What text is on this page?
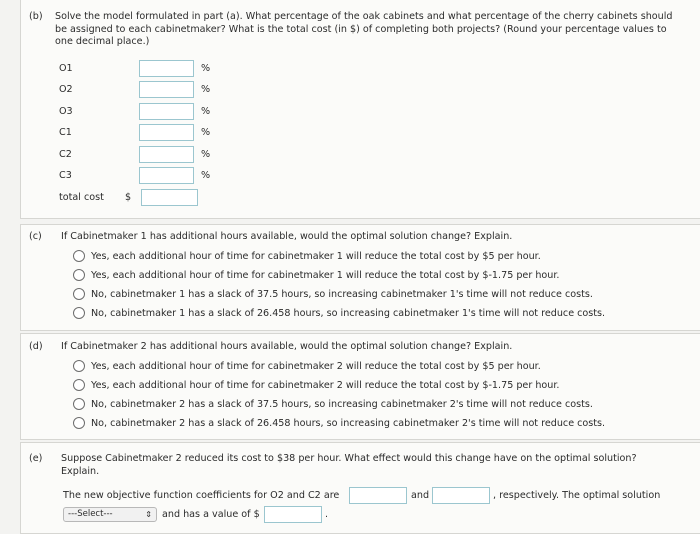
(b)	Solve the model formulated in part (a). What percentage of the oak cabinets and what percentage of the cherry cabinets should be assigned to each cabinetmaker? What is the total cost (in $) of completing both projects? (Round your percentage values to one decimal place.)
O1	%
O2	%
O3	%
C1	%
C2	%
C3	%
total cost $
(c)	If Cabinetmaker 1 has additional hours available, would the optimal solution change? Explain.
Yes, each additional hour of time for cabinetmaker 1 will reduce the total cost by $5 per hour.
Yes, each additional hour of time for cabinetmaker 1 will reduce the total cost by $-1.75 per hour.
No, cabinetmaker 1 has a slack of 37.5 hours, so increasing cabinetmaker 1's time will not reduce costs.
No, cabinetmaker 1 has a slack of 26.458 hours, so increasing cabinetmaker 1's time will not reduce costs.
(d)	If Cabinetmaker 2 has additional hours available, would the optimal solution change? Explain.
Yes, each additional hour of time for cabinetmaker 2 will reduce the total cost by $5 per hour.
Yes, each additional hour of time for cabinetmaker 2 will reduce the total cost by $-1.75 per hour.
No, cabinetmaker 2 has a slack of 37.5 hours, so increasing cabinetmaker 2's time will not reduce costs.
No, cabinetmaker 2 has a slack of 26.458 hours, so increasing cabinetmaker 2's time will not reduce costs.
(e)	Suppose Cabinetmaker 2 reduced its cost to $38 per hour. What effect would this change have on the optimal solution? Explain.
The new objective function coefficients for O2 and C2 are	and	, respectively. The optimal solution
---Select---	⇕ and has a value of $	.
